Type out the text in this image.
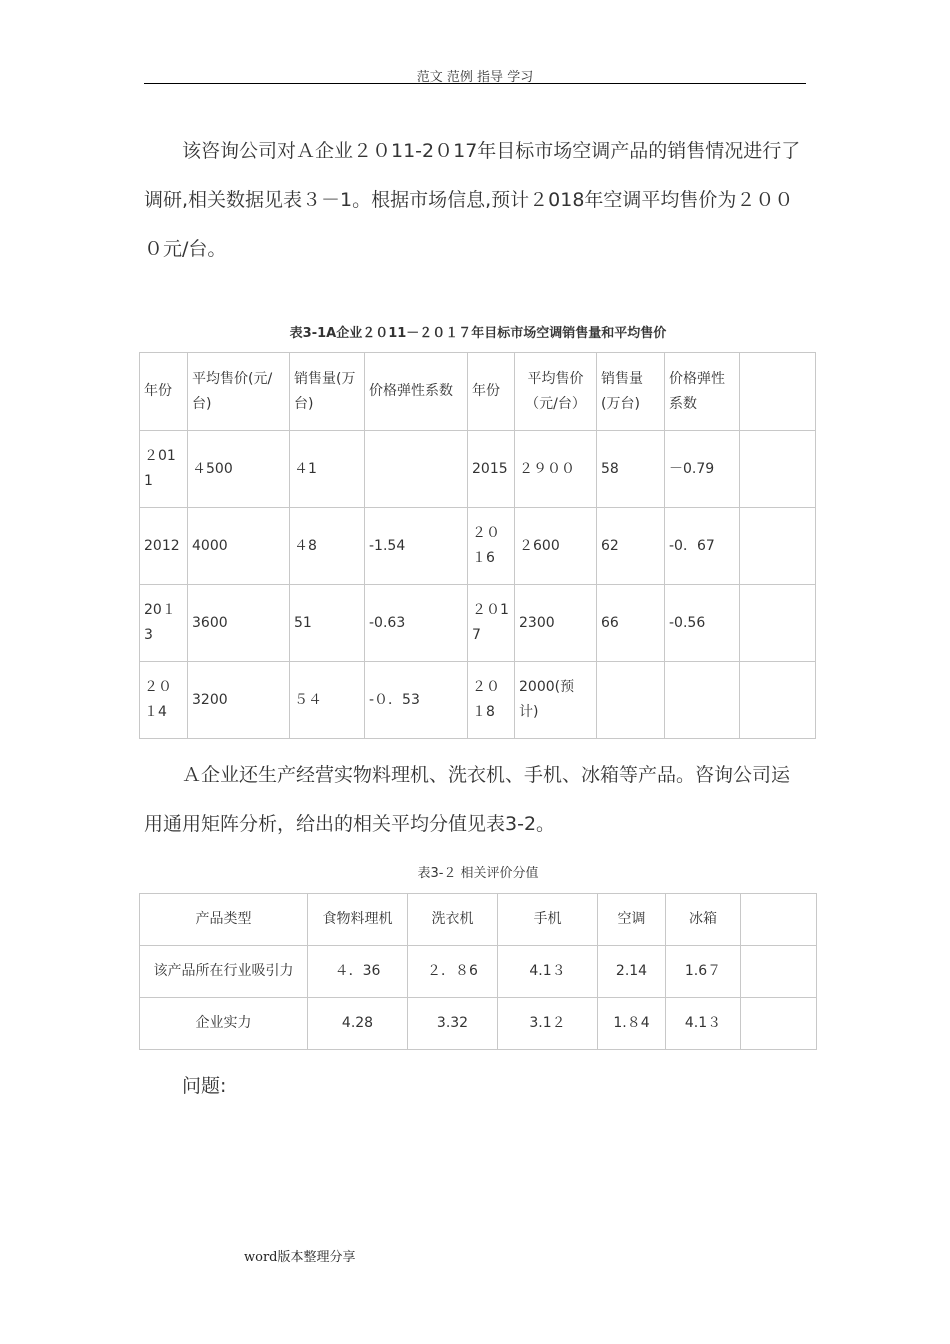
范文 范例 指导 学习

该咨询公司对Ａ企业２０11-2０17年目标市场空调产品的销售情况进行了调研,相关数据见表３－1。根据市场信息,预计２018年空调平均售价为２０００元/台。

表3-1A企业２０11－２０１７年目标市场空调销售量和平均售价
年份	平均售价(元/台)	销售量(万台)	价格弹性系数	年份	平均售价（元/台）	销售量(万台)	价格弹性系数	
２011	４500	４1		2015	２９００	58	－0.79	
2012	4000	４8	-1.54	２０１6	２600	62	-0．67	
20１3	3600	51	-0.63	２０17	2300	66	-0.56	
２０１4	3200	５４	-０．53	２０１8	2000(预计)			

Ａ企业还生产经营实物料理机、洗衣机、手机、冰箱等产品。咨询公司运用通用矩阵分析，给出的相关平均分值见表3-2。

表3-２ 相关评价分值
产品类型	食物料理机	洗衣机	手机	空调	冰箱	
该产品所在行业吸引力	４．36	２．８6	4.1３	2.14	1.6７	
企业实力	4.28	3.32	3.1２	1.８4	4.1３	

问题:

word版本整理分享
